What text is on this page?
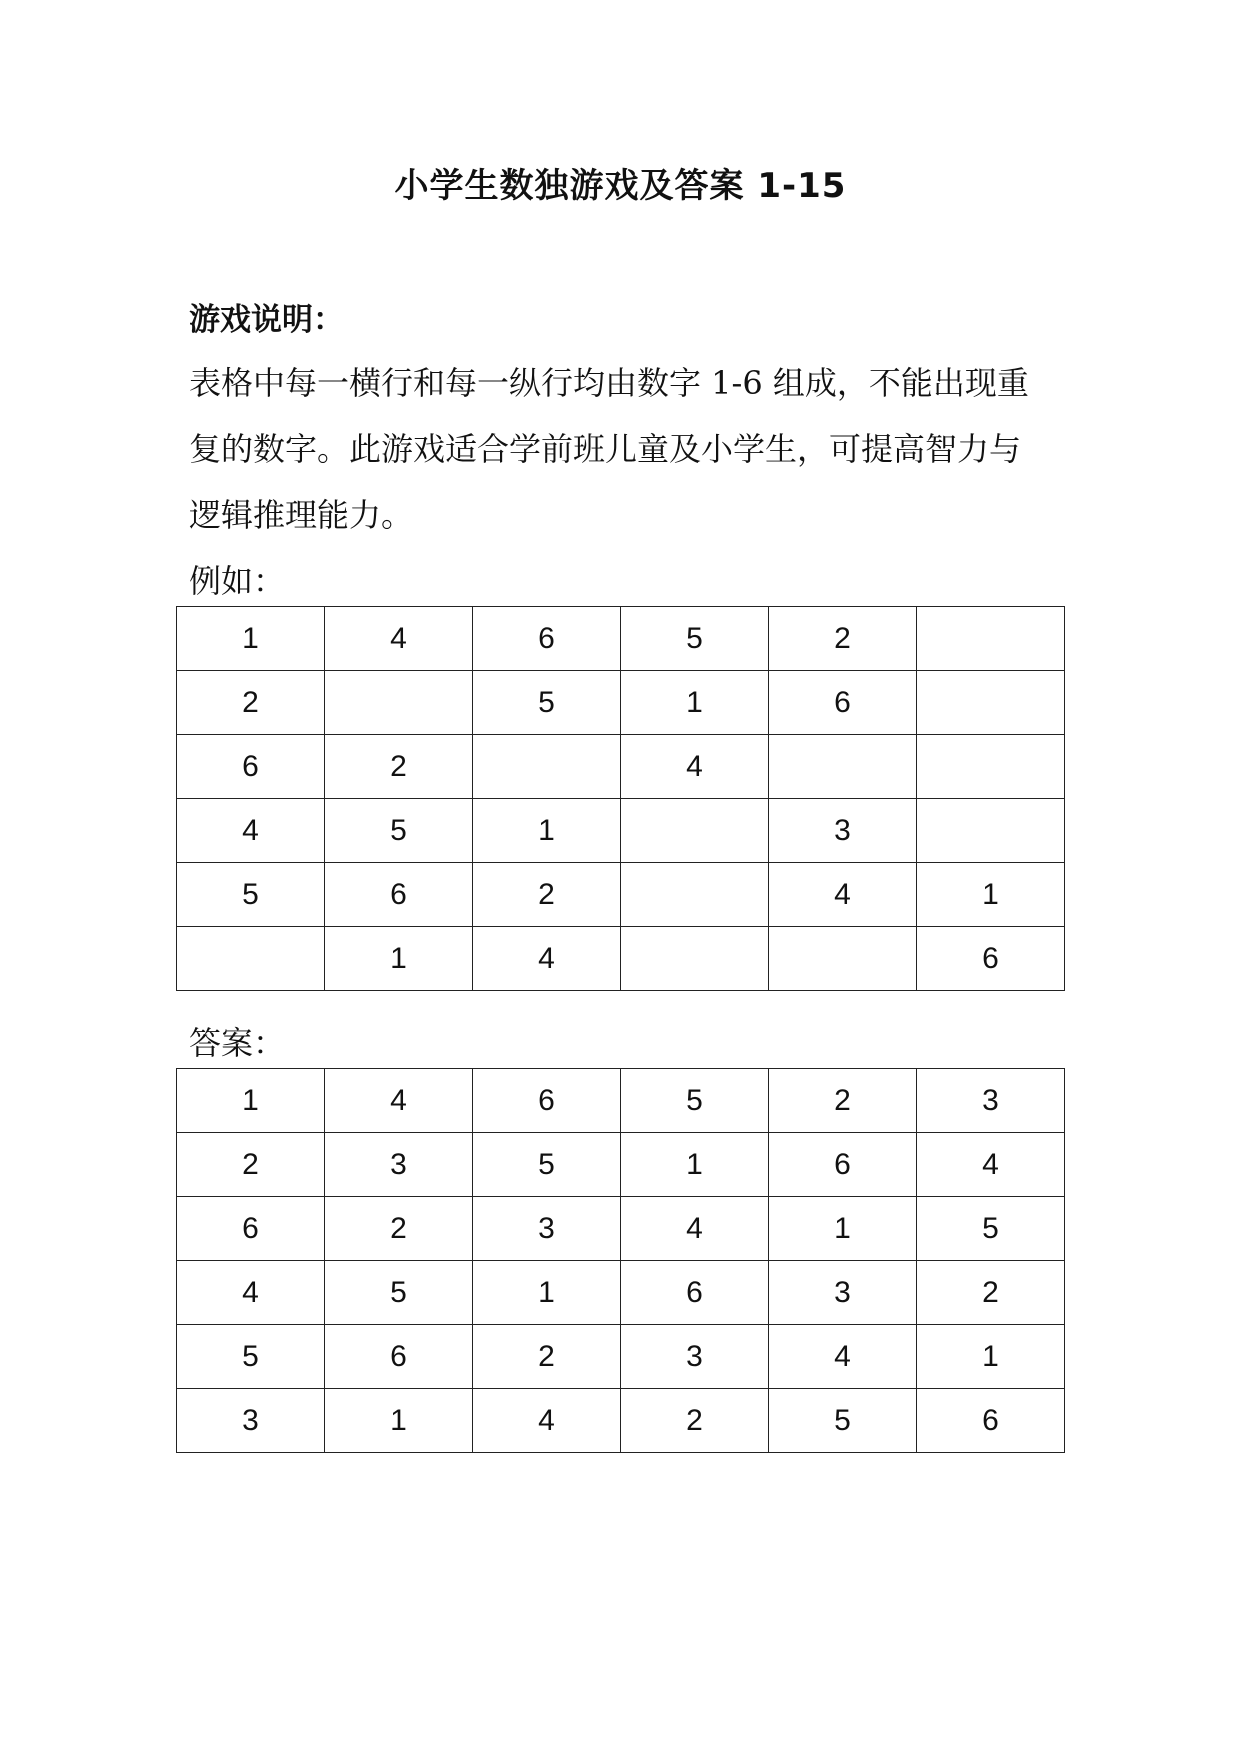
小学生数独游戏及答案 1-15
游戏说明：

表格中每一横行和每一纵行均由数字 1-6 组成，不能出现重

复的数字。此游戏适合学前班儿童及小学生，可提高智力与

逻辑推理能力。

例如：
1	4	6	5	2	
2		5	1	6	
6	2		4		
4	5	1		3	
5	6	2		4	1
	1	4			6
答案：
1	4	6	5	2	3
2	3	5	1	6	4
6	2	3	4	1	5
4	5	1	6	3	2
5	6	2	3	4	1
3	1	4	2	5	6
